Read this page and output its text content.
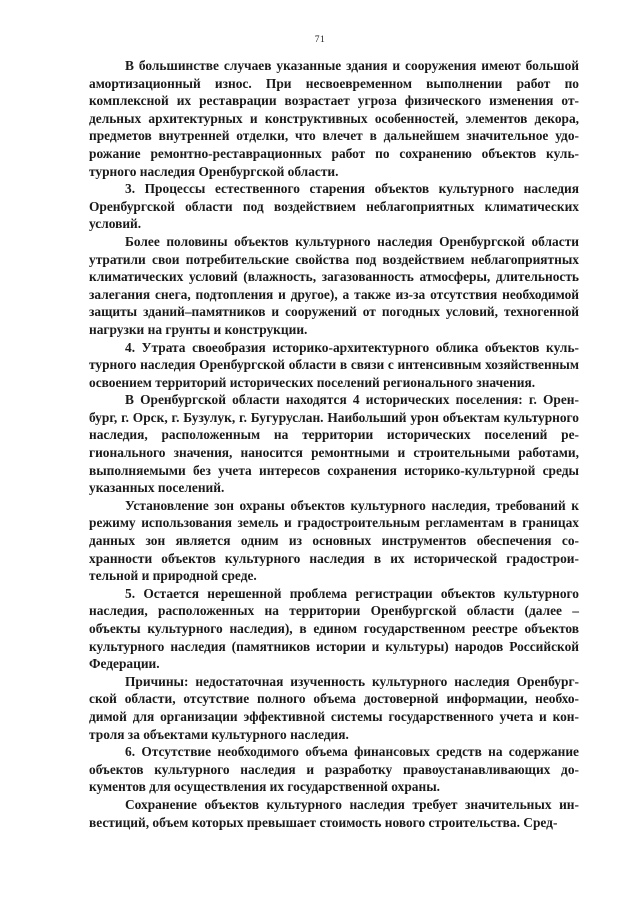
71

В большинстве случаев указанные здания и сооружения имеют большой амортизационный износ. При несвоевременном выполнении работ по комплексной их реставрации возрастает угроза физического изменения отдельных архитектурных и конструктивных особенностей, элементов декора, предметов внутренней отделки, что влечет в дальнейшем значительное удорожание ремонтно-реставрационных работ по сохранению объектов культурного наследия Оренбургской области.

3. Процессы естественного старения объектов культурного наследия Оренбургской области под воздействием неблагоприятных климатических условий.

Более половины объектов культурного наследия Оренбургской области утратили свои потребительские свойства под воздействием неблагоприятных климатических условий (влажность, загазованность атмосферы, длительность залегания снега, подтопления и другое), а также из-за отсутствия необходимой защиты зданий–памятников и сооружений от погодных условий, техногенной нагрузки на грунты и конструкции.

4. Утрата своеобразия историко-архитектурного облика объектов культурного наследия Оренбургской области в связи с интенсивным хозяйственным освоением территорий исторических поселений регионального значения.

В Оренбургской области находятся 4 исторических поселения: г. Оренбург, г. Орск, г. Бузулук, г. Бугуруслан. Наибольший урон объектам культурного наследия, расположенным на территории исторических поселений регионального значения, наносится ремонтными и строительными работами, выполняемыми без учета интересов сохранения историко-культурной среды указанных поселений.

Установление зон охраны объектов культурного наследия, требований к режиму использования земель и градостроительным регламентам в границах данных зон является одним из основных инструментов обеспечения сохранности объектов культурного наследия в их исторической градостроительной и природной среде.

5. Остается нерешенной проблема регистрации объектов культурного наследия, расположенных на территории Оренбургской области (далее – объекты культурного наследия), в едином государственном реестре объектов культурного наследия (памятников истории и культуры) народов Российской Федерации.

Причины: недостаточная изученность культурного наследия Оренбургской области, отсутствие полного объема достоверной информации, необходимой для организации эффективной системы государственного учета и контроля за объектами культурного наследия.

6. Отсутствие необходимого объема финансовых средств на содержание объектов культурного наследия и разработку правоустанавливающих документов для осуществления их государственной охраны.

Сохранение объектов культурного наследия требует значительных инвестиций, объем которых превышает стоимость нового строительства. Сред-
